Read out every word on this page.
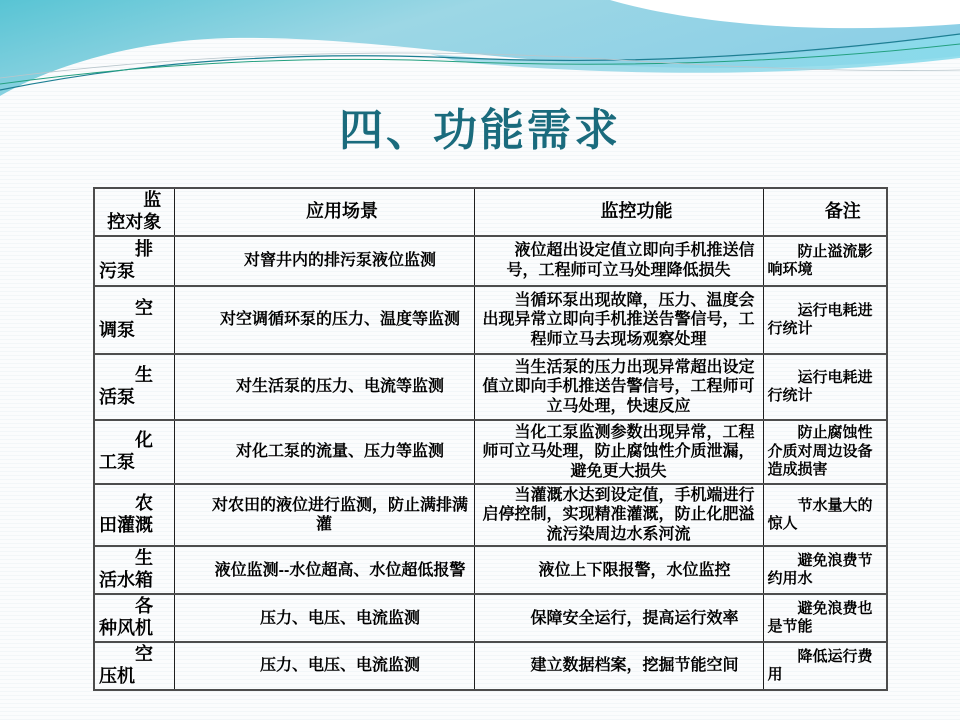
四、功能需求
监控对象	应用场景	监控功能	备注
排污泵	对窨井内的排污泵液位监测	液位超出设定值立即向手机推送信号，工程师可立马处理降低损失	防止溢流影响环境
空调泵	对空调循环泵的压力、温度等监测	当循环泵出现故障，压力、温度会出现异常立即向手机推送告警信号，工程师立马去现场观察处理	运行电耗进行统计
生活泵	对生活泵的压力、电流等监测	当生活泵的压力出现异常超出设定值立即向手机推送告警信号，工程师可立马处理，快速反应	运行电耗进行统计
化工泵	对化工泵的流量、压力等监测	当化工泵监测参数出现异常，工程师可立马处理，防止腐蚀性介质泄漏，避免更大损失	防止腐蚀性介质对周边设备造成损害
农田灌溉	对农田的液位进行监测，防止满排满灌	当灌溉水达到设定值，手机端进行启停控制，实现精准灌溉，防止化肥溢流污染周边水系河流	节水量大的惊人
生活水箱	液位监测--水位超高、水位超低报警	液位上下限报警，水位监控	避免浪费节约用水
各种风机	压力、电压、电流监测	保障安全运行，提高运行效率	避免浪费也是节能
空压机	压力、电压、电流监测	建立数据档案，挖掘节能空间	降低运行费用
